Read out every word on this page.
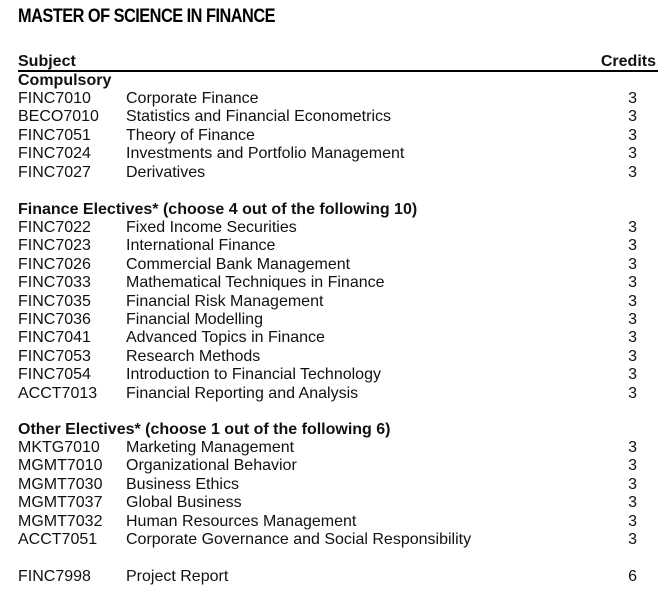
MASTER OF SCIENCE IN FINANCE
Subject	Credits
Compulsory
FINC7010 Corporate Finance	3
BECO7010 Statistics and Financial Econometrics	3
FINC7051 Theory of Finance	3
FINC7024 Investments and Portfolio Management	3
FINC7027 Derivatives	3
Finance Electives* (choose 4 out of the following 10)
FINC7022 Fixed Income Securities	3
FINC7023 International Finance	3
FINC7026 Commercial Bank Management	3
FINC7033 Mathematical Techniques in Finance	3
FINC7035 Financial Risk Management	3
FINC7036 Financial Modelling	3
FINC7041 Advanced Topics in Finance	3
FINC7053 Research Methods	3
FINC7054 Introduction to Financial Technology	3
ACCT7013 Financial Reporting and Analysis	3
Other Electives* (choose 1 out of the following 6)
MKTG7010 Marketing Management	3
MGMT7010 Organizational Behavior	3
MGMT7030 Business Ethics	3
MGMT7037 Global Business	3
MGMT7032 Human Resources Management	3
ACCT7051 Corporate Governance and Social Responsibility	3
FINC7998 Project Report	6
